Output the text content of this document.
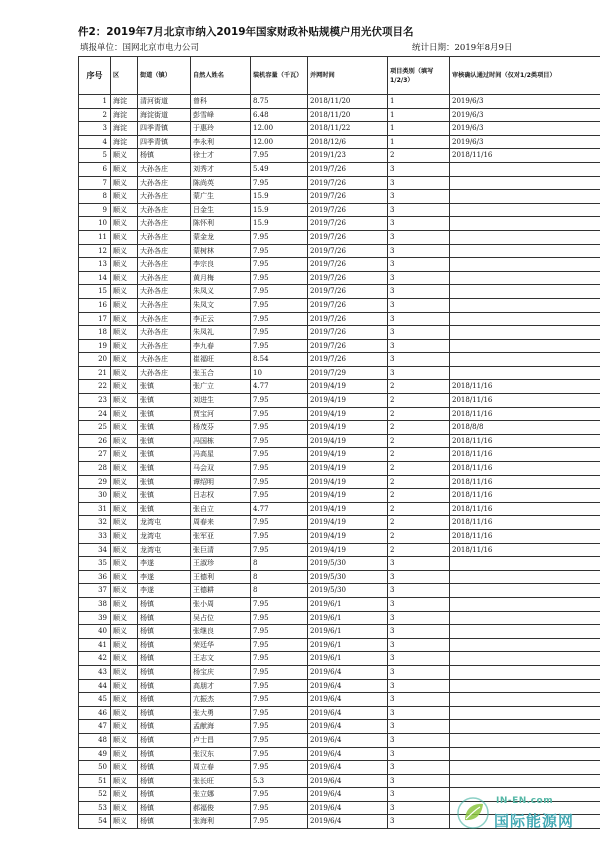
件2：2019年7月北京市纳入2019年国家财政补贴规模户用光伏项目名
填报单位：国网北京市电力公司	统计日期：2019年8月9日
序号	区	街道（镇）	自然人姓名	装机容量（千瓦）	并网时间	项目类别（填写1/2/3）	审核确认通过时间（仅对1/2类项目）
1	海淀	清河街道	曾科	8.75	2018/11/20	1	2019/6/3
2	海淀	海淀街道	彭雪峰	6.48	2018/11/20	1	2019/6/3
3	海淀	四季青镇	于惠玲	12.00	2018/11/22	1	2019/6/3
4	海淀	四季青镇	李永利	12.00	2018/12/6	1	2019/6/3
5	顺义	杨镇	徐士才	7.95	2019/1/23	2	2018/11/16
6	顺义	大孙各庄	刘秀才	5.49	2019/7/26	3	
7	顺义	大孙各庄	陈尚英	7.95	2019/7/26	3	
8	顺义	大孙各庄	蒙广生	15.9	2019/7/26	3	
9	顺义	大孙各庄	吕金生	15.9	2019/7/26	3	
10	顺义	大孙各庄	陈怀利	15.9	2019/7/26	3	
11	顺义	大孙各庄	蒙金龙	7.95	2019/7/26	3	
12	顺义	大孙各庄	蒙树林	7.95	2019/7/26	3	
13	顺义	大孙各庄	李宗良	7.95	2019/7/26	3	
14	顺义	大孙各庄	黄月梅	7.95	2019/7/26	3	
15	顺义	大孙各庄	朱凤义	7.95	2019/7/26	3	
16	顺义	大孙各庄	朱凤文	7.95	2019/7/26	3	
17	顺义	大孙各庄	李正云	7.95	2019/7/26	3	
18	顺义	大孙各庄	朱凤礼	7.95	2019/7/26	3	
19	顺义	大孙各庄	李九春	7.95	2019/7/26	3	
20	顺义	大孙各庄	崔福旺	8.54	2019/7/26	3	
21	顺义	大孙各庄	张玉合	10	2019/7/29	3	
22	顺义	张镇	张广立	4.77	2019/4/19	2	2018/11/16
23	顺义	张镇	刘进生	7.95	2019/4/19	2	2018/11/16
24	顺义	张镇	贾宝河	7.95	2019/4/19	2	2018/11/16
25	顺义	张镇	杨茂芬	7.95	2019/4/19	2	2018/8/8
26	顺义	张镇	冯国栋	7.95	2019/4/19	2	2018/11/16
27	顺义	张镇	冯高星	7.95	2019/4/19	2	2018/11/16
28	顺义	张镇	马会双	7.95	2019/4/19	2	2018/11/16
29	顺义	张镇	谭绍明	7.95	2019/4/19	2	2018/11/16
30	顺义	张镇	吕志权	7.95	2019/4/19	2	2018/11/16
31	顺义	张镇	张自立	4.77	2019/4/19	2	2018/11/16
32	顺义	龙湾屯	周春来	7.95	2019/4/19	2	2018/11/16
33	顺义	龙湾屯	张军亚	7.95	2019/4/19	2	2018/11/16
34	顺义	龙湾屯	张巨清	7.95	2019/4/19	2	2018/11/16
35	顺义	李遂	王淑珍	8	2019/5/30	3	
36	顺义	李遂	王德利	8	2019/5/30	3	
37	顺义	李遂	王德耕	8	2019/5/30	3	
38	顺义	杨镇	张小周	7.95	2019/6/1	3	
39	顺义	杨镇	吴占位	7.95	2019/6/1	3	
40	顺义	杨镇	张继良	7.95	2019/6/1	3	
41	顺义	杨镇	荣廷华	7.95	2019/6/1	3	
42	顺义	杨镇	王志文	7.95	2019/6/1	3	
43	顺义	杨镇	杨宝庆	7.95	2019/6/4	3	
44	顺义	杨镇	高朋才	7.95	2019/6/4	3	
45	顺义	杨镇	亢振杰	7.95	2019/6/4	3	
46	顺义	杨镇	张大勇	7.95	2019/6/4	3	
47	顺义	杨镇	孟献海	7.95	2019/6/4	3	
48	顺义	杨镇	卢士昌	7.95	2019/6/4	3	
49	顺义	杨镇	张汉东	7.95	2019/6/4	3	
50	顺义	杨镇	周立春	7.95	2019/6/4	3	
51	顺义	杨镇	张长旺	5.3	2019/6/4	3	
52	顺义	杨镇	张立娜	7.95	2019/6/4	3	
53	顺义	杨镇	郝福俊	7.95	2019/6/4	3	
54	顺义	杨镇	张海利	7.95	2019/6/4	3	
IN-EN.com
国际能源网
